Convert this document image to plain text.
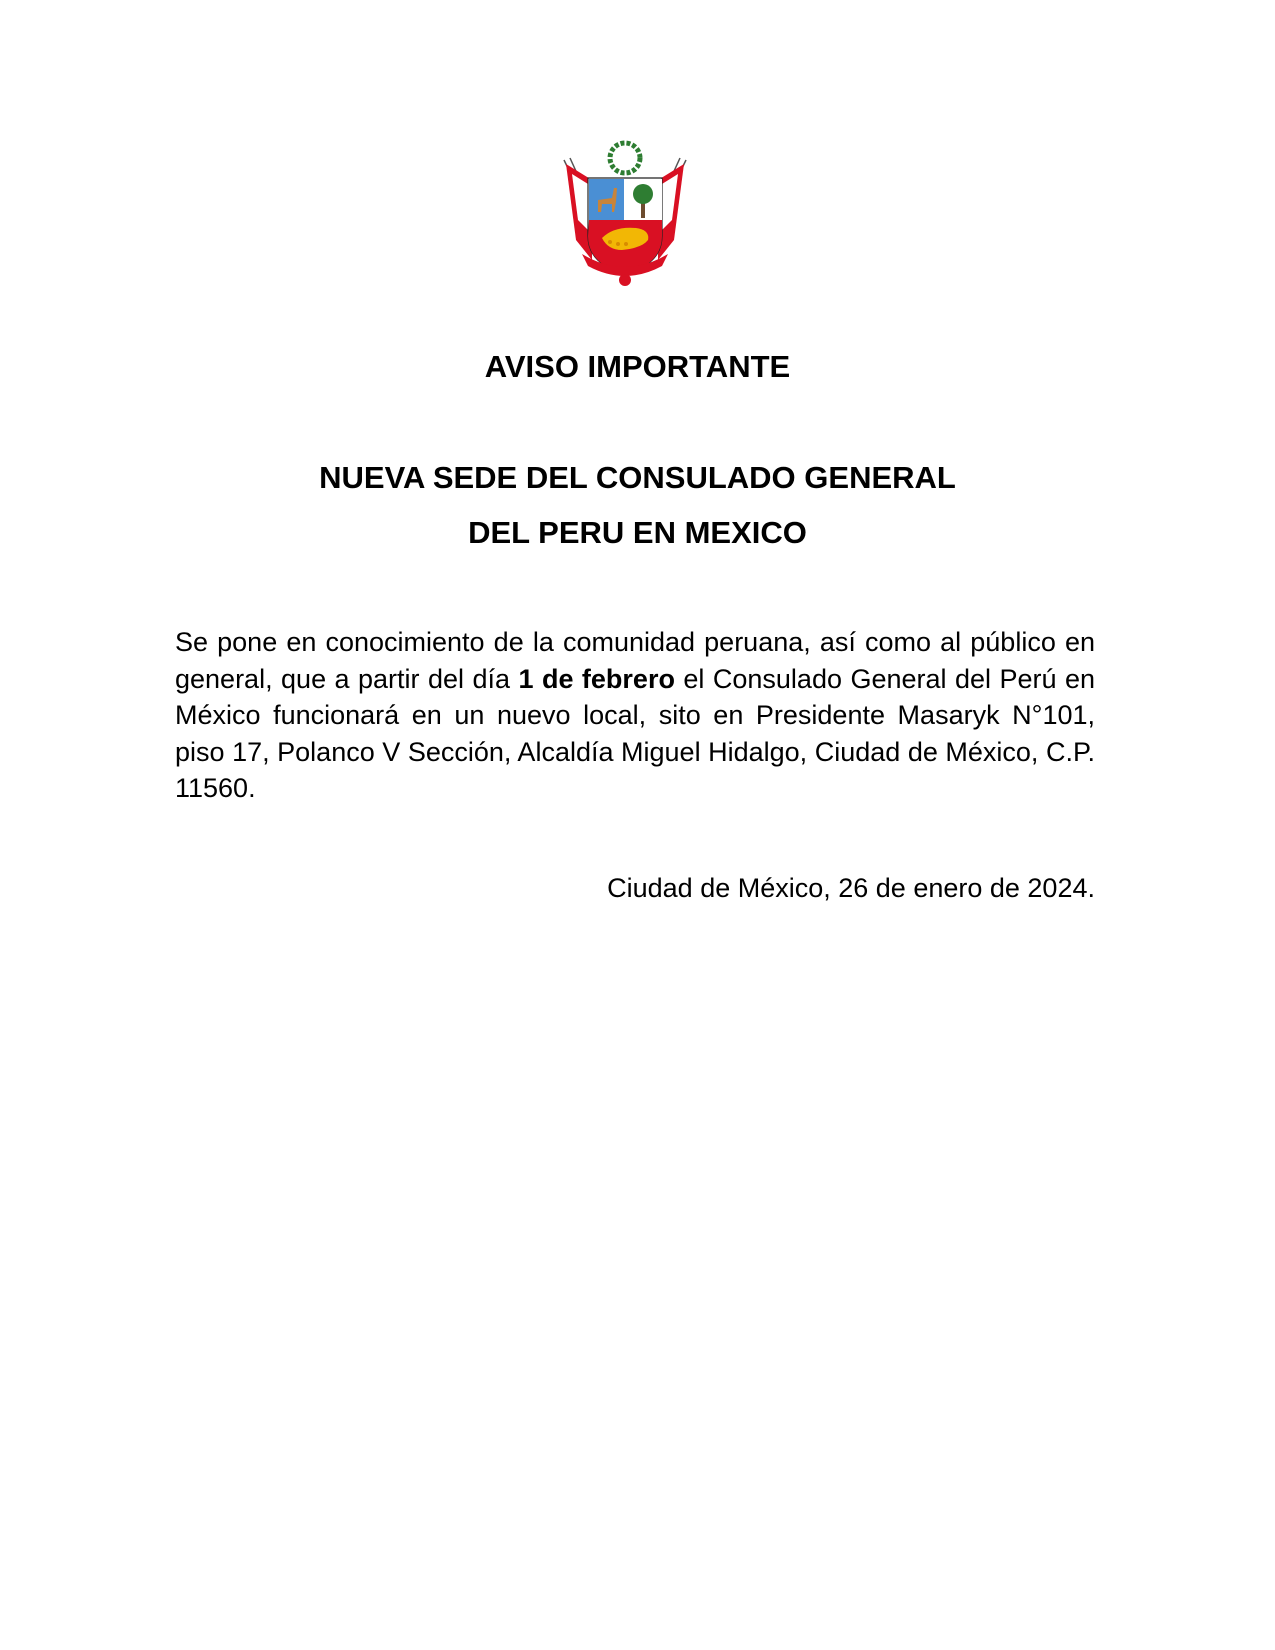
AVISO IMPORTANTE
NUEVA SEDE DEL CONSULADO GENERAL
DEL PERU EN MEXICO

Se pone en conocimiento de la comunidad peruana, así como al público en general, que a partir del día 1 de febrero el Consulado General del Perú en México funcionará en un nuevo local, sito en Presidente Masaryk N°101, piso 17, Polanco V Sección, Alcaldía Miguel Hidalgo, Ciudad de México, C.P. 11560.

Ciudad de México, 26 de enero de 2024.
